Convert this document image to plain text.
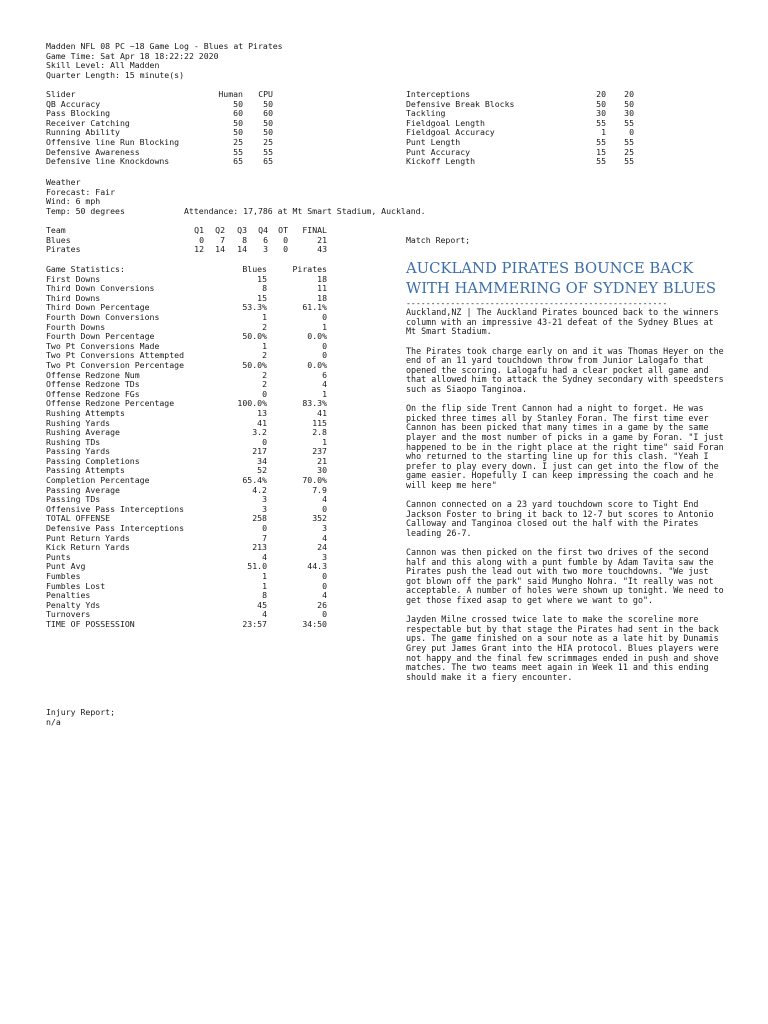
Madden NFL 08 PC ~18 Game Log - Blues at Pirates
Game Time: Sat Apr 18 18:22:22 2020
Skill Level: All Madden
Quarter Length: 15 minute(s)
Slider	Human CPU
QB Accuracy	50 50
Pass Blocking	60 60
Receiver Catching	50 50
Running Ability	50 50
Offensive line Run Blocking	25 25
Defensive Awareness	55 55
Defensive line Knockdowns	65 65
Interceptions	20 20
Defensive Break Blocks	50 50
Tackling	30 30
Fieldgoal Length	55 55
Fieldgoal Accuracy	1	0
Punt Length	55 55
Punt Accuracy	15 25
Kickoff Length	55 55
Weather
Forecast: Fair
Wind: 6 mph
Temp: 50 degrees	Attendance: 17,786 at Mt Smart Stadium, Auckland.
Team	Q1 Q2 Q3 Q4 OT FINAL
Blues	0 7 8 6 0	21
Pirates	12 14 14 3 0	43
Game Statistics:	Blues	Pirates
First Downs	15	18
Third Down Conversions	8	11
Third Downs	15	18
Third Down Percentage	53.3%	61.1%
Fourth Down Conversions	1	0
Fourth Downs	2	1
Fourth Down Percentage	50.0%	0.0%
Two Pt Conversions Made	1	0
Two Pt Conversions Attempted	2	0
Two Pt Conversion Percentage	50.0%	0.0%
Offense Redzone Num	2	6
Offense Redzone TDs	2	4
Offense Redzone FGs	0	1
Offense Redzone Percentage	100.0%	83.3%
Rushing Attempts	13	41
Rushing Yards	41	115
Rushing Average	3.2	2.8
Rushing TDs	0	1
Passing Yards	217	237
Passing Completions	34	21
Passing Attempts	52	30
Completion Percentage	65.4%	70.0%
Passing Average	4.2	7.9
Passing TDs	3	4
Offensive Pass Interceptions	3	0
TOTAL OFFENSE	258	352
Defensive Pass Interceptions	0	3
Punt Return Yards	7	4
Kick Return Yards	213	24
Punts	4	3
Punt Avg	51.0	44.3
Fumbles	1	0
Fumbles Lost	1	0
Penalties	8	4
Penalty Yds	45	26
Turnovers	4	0
TIME OF POSSESSION	23:57	34:50
Injury Report;
n/a
Match Report;
AUCKLAND PIRATES BOUNCE BACK WITH HAMMERING OF SYDNEY BLUES
-----------------------------------------------------

Auckland,NZ | The Auckland Pirates bounced back to the winners column with an impressive 43-21 defeat of the Sydney Blues at Mt Smart Stadium.

The Pirates took charge early on and it was Thomas Heyer on the end of an 11 yard touchdown throw from Junior Lalogafo that opened the scoring. Lalogafu had a clear pocket all game and that allowed him to attack the Sydney secondary with speedsters such as Siaopo Tanginoa.

On the flip side Trent Cannon had a night to forget. He was picked three times all by Stanley Foran. The first time ever Cannon has been picked that many times in a game by the same player and the most number of picks in a game by Foran. "I just happened to be in the right place at the right time" said Foran who returned to the starting line up for this clash. "Yeah I prefer to play every down. I just can get into the flow of the game easier. Hopefully I can keep impressing the coach and he will keep me here"

Cannon connected on a 23 yard touchdown score to Tight End Jackson Foster to bring it back to 12-7 but scores to Antonio Calloway and Tanginoa closed out the half with the Pirates leading 26-7.

Cannon was then picked on the first two drives of the second half and this along with a punt fumble by Adam Tavita saw the Pirates push the lead out with two more touchdowns. "We just got blown off the park" said Mungho Nohra. "It really was not acceptable. A number of holes were shown up tonight. We need to get those fixed asap to get where we want to go".

Jayden Milne crossed twice late to make the scoreline more respectable but by that stage the Pirates had sent in the back ups. The game finished on a sour note as a late hit by Dunamis Grey put James Grant into the HIA protocol. Blues players were not happy and the final few scrimmages ended in push and shove matches. The two teams meet again in Week 11 and this ending should make it a fiery encounter.
